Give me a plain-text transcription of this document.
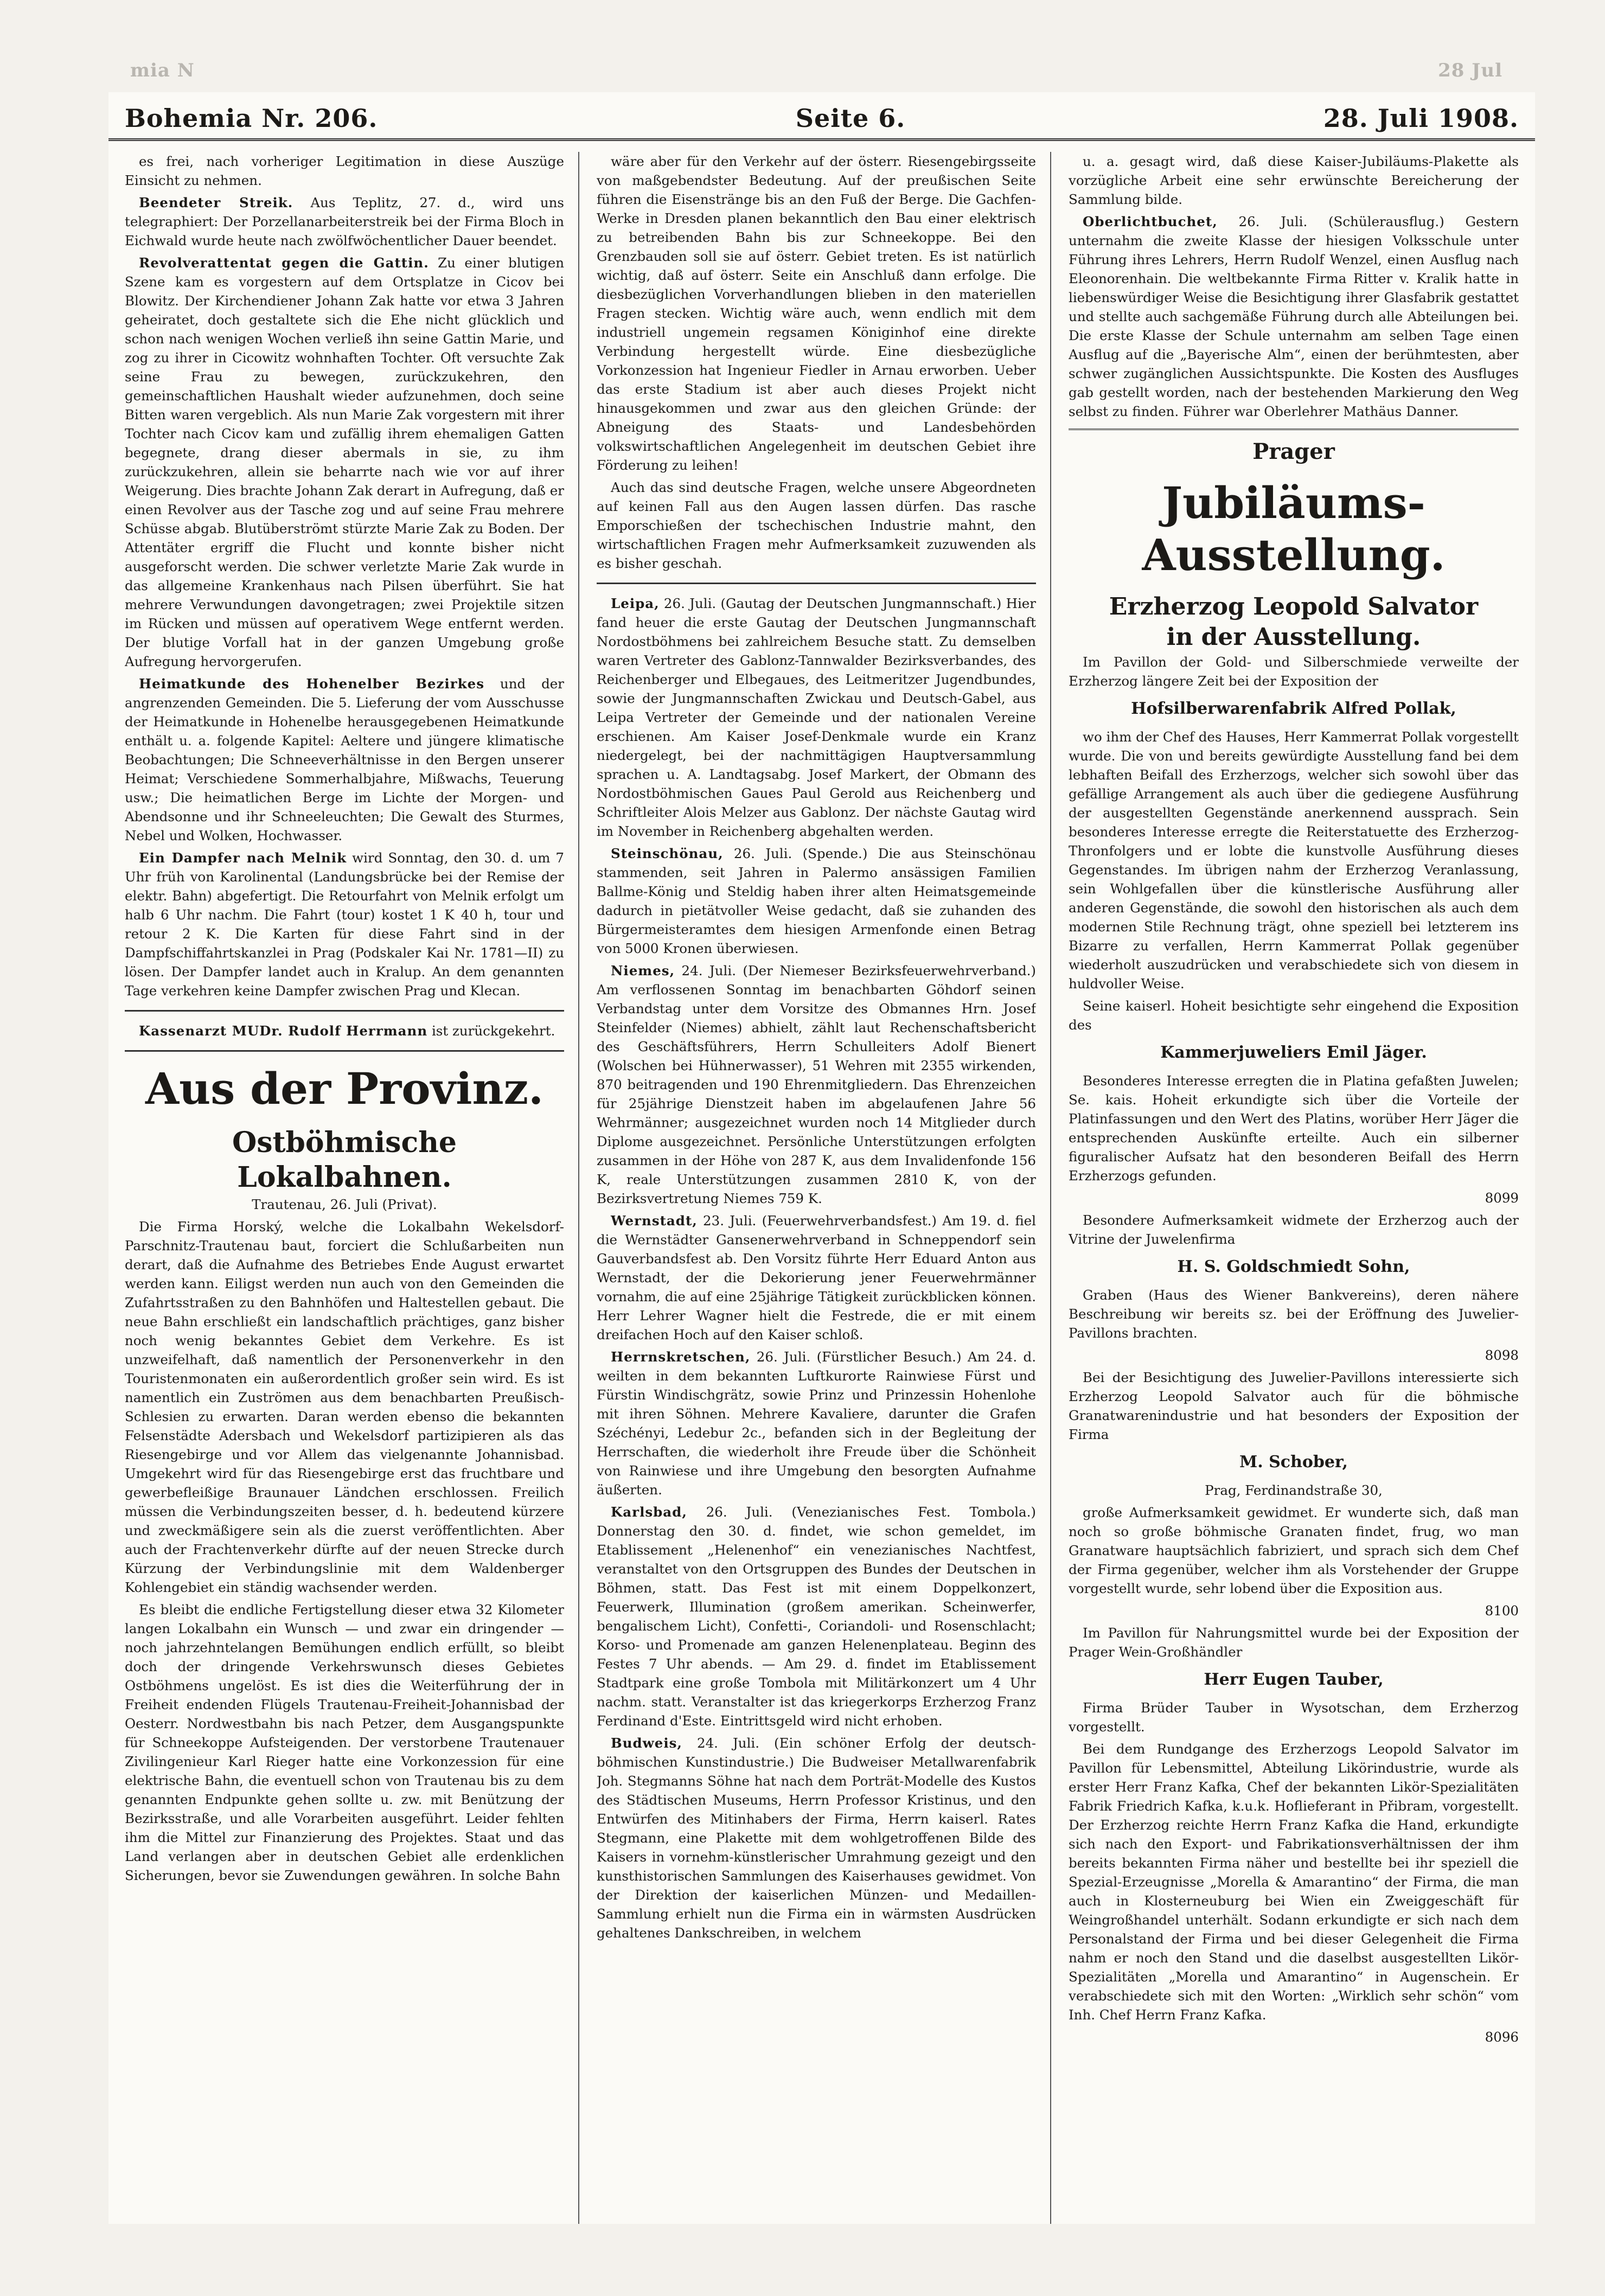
mia N	28 Jul
Bohemia Nr. 206.	Seite 6.	28. Juli 1908.

es frei, nach vorheriger Legitimation in diese Auszüge Einsicht zu nehmen.

Beendeter Streik. Aus Teplitz, 27. d., wird uns telegraphiert: Der Porzellanarbeiterstreik bei der Firma Bloch in Eichwald wurde heute nach zwölfwöchentlicher Dauer beendet.

Revolverattentat gegen die Gattin. Zu einer blutigen Szene kam es vorgestern auf dem Ortsplatze in Cicov bei Blowitz. Der Kirchendiener Johann Zak hatte vor etwa 3 Jahren geheiratet, doch gestaltete sich die Ehe nicht glücklich und schon nach wenigen Wochen verließ ihn seine Gattin Marie, und zog zu ihrer in Cicowitz wohnhaften Tochter. Oft versuchte Zak seine Frau zu bewegen, zurückzukehren, den gemeinschaftlichen Haushalt wieder aufzunehmen, doch seine Bitten waren vergeblich. Als nun Marie Zak vorgestern mit ihrer Tochter nach Cicov kam und zufällig ihrem ehemaligen Gatten begegnete, drang dieser abermals in sie, zu ihm zurückzukehren, allein sie beharrte nach wie vor auf ihrer Weigerung. Dies brachte Johann Zak derart in Aufregung, daß er einen Revolver aus der Tasche zog und auf seine Frau mehrere Schüsse abgab. Blutüberströmt stürzte Marie Zak zu Boden. Der Attentäter ergriff die Flucht und konnte bisher nicht ausgeforscht werden. Die schwer verletzte Marie Zak wurde in das allgemeine Krankenhaus nach Pilsen überführt. Sie hat mehrere Verwundungen davongetragen; zwei Projektile sitzen im Rücken und müssen auf operativem Wege entfernt werden. Der blutige Vorfall hat in der ganzen Umgebung große Aufregung hervorgerufen.

Heimatkunde des Hohenelber Bezirkes und der angrenzenden Gemeinden. Die 5. Lieferung der vom Ausschusse der Heimatkunde in Hohenelbe herausgegebenen Heimatkunde enthält u. a. folgende Kapitel: Aeltere und jüngere klimatische Beobachtungen; Die Schneeverhältnisse in den Bergen unserer Heimat; Verschiedene Sommerhalbjahre, Mißwachs, Teuerung usw.; Die heimatlichen Berge im Lichte der Morgen- und Abendsonne und ihr Schneeleuchten; Die Gewalt des Sturmes, Nebel und Wolken, Hochwasser.

Ein Dampfer nach Melnik wird Sonntag, den 30. d. um 7 Uhr früh von Karolinental (Landungsbrücke bei der Remise der elektr. Bahn) abgefertigt. Die Retourfahrt von Melnik erfolgt um halb 6 Uhr nachm. Die Fahrt (tour) kostet 1 K 40 h, tour und retour 2 K. Die Karten für diese Fahrt sind in der Dampfschiffahrtskanzlei in Prag (Podskaler Kai Nr. 1781—II) zu lösen. Der Dampfer landet auch in Kralup. An dem genannten Tage verkehren keine Dampfer zwischen Prag und Klecan.

Kassenarzt MUDr. Rudolf Herrmann ist zurückgekehrt.

Aus der Provinz.
Ostböhmische Lokalbahnen.

Trautenau, 26. Juli (Privat).

Die Firma Horský, welche die Lokalbahn Wekelsdorf-Parschnitz-Trautenau baut, forciert die Schlußarbeiten nun derart, daß die Aufnahme des Betriebes Ende August erwartet werden kann. Eiligst werden nun auch von den Gemeinden die Zufahrtsstraßen zu den Bahnhöfen und Haltestellen gebaut. Die neue Bahn erschließt ein landschaftlich prächtiges, ganz bisher noch wenig bekanntes Gebiet dem Verkehre. Es ist unzweifelhaft, daß namentlich der Personenverkehr in den Touristenmonaten ein außerordentlich großer sein wird. Es ist namentlich ein Zuströmen aus dem benachbarten Preußisch-Schlesien zu erwarten. Daran werden ebenso die bekannten Felsenstädte Adersbach und Wekelsdorf partizipieren als das Riesengebirge und vor Allem das vielgenannte Johannisbad. Umgekehrt wird für das Riesengebirge erst das fruchtbare und gewerbefleißige Braunauer Ländchen erschlossen. Freilich müssen die Verbindungszeiten besser, d. h. bedeutend kürzere und zweckmäßigere sein als die zuerst veröffentlichten. Aber auch der Frachtenverkehr dürfte auf der neuen Strecke durch Kürzung der Verbindungslinie mit dem Waldenberger Kohlengebiet ein ständig wachsender werden.

Es bleibt die endliche Fertigstellung dieser etwa 32 Kilometer langen Lokalbahn ein Wunsch — und zwar ein dringender — noch jahrzehntelangen Bemühungen endlich erfüllt, so bleibt doch der dringende Verkehrswunsch dieses Gebietes Ostböhmens ungelöst. Es ist dies die Weiterführung der in Freiheit endenden Flügels Trautenau-Freiheit-Johannisbad der Oesterr. Nordwestbahn bis nach Petzer, dem Ausgangspunkte für Schneekoppe Aufsteigenden. Der verstorbene Trautenauer Zivilingenieur Karl Rieger hatte eine Vorkonzession für eine elektrische Bahn, die eventuell schon von Trautenau bis zu dem genannten Endpunkte gehen sollte u. zw. mit Benützung der Bezirksstraße, und alle Vorarbeiten ausgeführt. Leider fehlten ihm die Mittel zur Finanzierung des Projektes. Staat und das Land verlangen aber in deutschen Gebiet alle erdenklichen Sicherungen, bevor sie Zuwendungen gewähren. In solche Bahn

wäre aber für den Verkehr auf der österr. Riesengebirgsseite von maßgebendster Bedeutung. Auf der preußischen Seite führen die Eisenstränge bis an den Fuß der Berge. Die Gachfen-Werke in Dresden planen bekanntlich den Bau einer elektrisch zu betreibenden Bahn bis zur Schneekoppe. Bei den Grenzbauden soll sie auf österr. Gebiet treten. Es ist natürlich wichtig, daß auf österr. Seite ein Anschluß dann erfolge. Die diesbezüglichen Vorverhandlungen blieben in den materiellen Fragen stecken. Wichtig wäre auch, wenn endlich mit dem industriell ungemein regsamen Königinhof eine direkte Verbindung hergestellt würde. Eine diesbezügliche Vorkonzession hat Ingenieur Fiedler in Arnau erworben. Ueber das erste Stadium ist aber auch dieses Projekt nicht hinausgekommen und zwar aus den gleichen Gründe: der Abneigung des Staats- und Landesbehörden volkswirtschaftlichen Angelegenheit im deutschen Gebiet ihre Förderung zu leihen!

Auch das sind deutsche Fragen, welche unsere Abgeordneten auf keinen Fall aus den Augen lassen dürfen. Das rasche Emporschießen der tschechischen Industrie mahnt, den wirtschaftlichen Fragen mehr Aufmerksamkeit zuzuwenden als es bisher geschah.

Leipa, 26. Juli. (Gautag der Deutschen Jungmannschaft.) Hier fand heuer die erste Gautag der Deutschen Jungmannschaft Nordostböhmens bei zahlreichem Besuche statt. Zu demselben waren Vertreter des Gablonz-Tannwalder Bezirksverbandes, des Reichenberger und Elbegaues, des Leitmeritzer Jugendbundes, sowie der Jungmannschaften Zwickau und Deutsch-Gabel, aus Leipa Vertreter der Gemeinde und der nationalen Vereine erschienen. Am Kaiser Josef-Denkmale wurde ein Kranz niedergelegt, bei der nachmittägigen Hauptversammlung sprachen u. A. Landtagsabg. Josef Markert, der Obmann des Nordostböhmischen Gaues Paul Gerold aus Reichenberg und Schriftleiter Alois Melzer aus Gablonz. Der nächste Gautag wird im November in Reichenberg abgehalten werden.

Steinschönau, 26. Juli. (Spende.) Die aus Steinschönau stammenden, seit Jahren in Palermo ansässigen Familien Ballme-König und Steldig haben ihrer alten Heimatsgemeinde dadurch in pietätvoller Weise gedacht, daß sie zuhanden des Bürgermeisteramtes dem hiesigen Armenfonde einen Betrag von 5000 Kronen überwiesen.

Niemes, 24. Juli. (Der Niemeser Bezirksfeuerwehrverband.) Am verflossenen Sonntag im benachbarten Göhdorf seinen Verbandstag unter dem Vorsitze des Obmannes Hrn. Josef Steinfelder (Niemes) abhielt, zählt laut Rechenschaftsbericht des Geschäftsführers, Herrn Schulleiters Adolf Bienert (Wolschen bei Hühnerwasser), 51 Wehren mit 2355 wirkenden, 870 beitragenden und 190 Ehrenmitgliedern. Das Ehrenzeichen für 25jährige Dienstzeit haben im abgelaufenen Jahre 56 Wehrmänner; ausgezeichnet wurden noch 14 Mitglieder durch Diplome ausgezeichnet. Persönliche Unterstützungen erfolgten zusammen in der Höhe von 287 K, aus dem Invalidenfonde 156 K, reale Unterstützungen zusammen 2810 K, von der Bezirksvertretung Niemes 759 K.

Wernstadt, 23. Juli. (Feuerwehrverbandsfest.) Am 19. d. fiel die Wernstädter Gansenerwehrverband in Schneppendorf sein Gauverbandsfest ab. Den Vorsitz führte Herr Eduard Anton aus Wernstadt, der die Dekorierung jener Feuerwehrmänner vornahm, die auf eine 25jährige Tätigkeit zurückblicken können. Herr Lehrer Wagner hielt die Festrede, die er mit einem dreifachen Hoch auf den Kaiser schloß.

Herrnskretschen, 26. Juli. (Fürstlicher Besuch.) Am 24. d. weilten in dem bekannten Luftkurorte Rainwiese Fürst und Fürstin Windischgrätz, sowie Prinz und Prinzessin Hohenlohe mit ihren Söhnen. Mehrere Kavaliere, darunter die Grafen Széchényi, Ledebur 2c., befanden sich in der Begleitung der Herrschaften, die wiederholt ihre Freude über die Schönheit von Rainwiese und ihre Umgebung den besorgten Aufnahme äußerten.

Karlsbad, 26. Juli. (Venezianisches Fest. Tombola.) Donnerstag den 30. d. findet, wie schon gemeldet, im Etablissement „Helenenhof“ ein venezianisches Nachtfest, veranstaltet von den Ortsgruppen des Bundes der Deutschen in Böhmen, statt. Das Fest ist mit einem Doppelkonzert, Feuerwerk, Illumination (großem amerikan. Scheinwerfer, bengalischem Licht), Confetti-, Coriandoli- und Rosenschlacht; Korso- und Promenade am ganzen Helenenplateau. Beginn des Festes 7 Uhr abends. — Am 29. d. findet im Etablissement Stadtpark eine große Tombola mit Militärkonzert um 4 Uhr nachm. statt. Veranstalter ist das kriegerkorps Erzherzog Franz Ferdinand d'Este. Eintrittsgeld wird nicht erhoben.

Budweis, 24. Juli. (Ein schöner Erfolg der deutsch-böhmischen Kunstindustrie.) Die Budweiser Metallwarenfabrik Joh. Stegmanns Söhne hat nach dem Porträt-Modelle des Kustos des Städtischen Museums, Herrn Professor Kristinus, und den Entwürfen des Mitinhabers der Firma, Herrn kaiserl. Rates Stegmann, eine Plakette mit dem wohlgetroffenen Bilde des Kaisers in vornehm-künstlerischer Umrahmung gezeigt und den kunsthistorischen Sammlungen des Kaiserhauses gewidmet. Von der Direktion der kaiserlichen Münzen- und Medaillen-Sammlung erhielt nun die Firma ein in wärmsten Ausdrücken gehaltenes Dankschreiben, in welchem

u. a. gesagt wird, daß diese Kaiser-Jubiläums-Plakette als vorzügliche Arbeit eine sehr erwünschte Bereicherung der Sammlung bilde.

Oberlichtbuchet, 26. Juli. (Schülerausflug.) Gestern unternahm die zweite Klasse der hiesigen Volksschule unter Führung ihres Lehrers, Herrn Rudolf Wenzel, einen Ausflug nach Eleonorenhain. Die weltbekannte Firma Ritter v. Kralik hatte in liebenswürdiger Weise die Besichtigung ihrer Glasfabrik gestattet und stellte auch sachgemäße Führung durch alle Abteilungen bei. Die erste Klasse der Schule unternahm am selben Tage einen Ausflug auf die „Bayerische Alm“, einen der berühmtesten, aber schwer zugänglichen Aussichtspunkte. Die Kosten des Ausfluges gab gestellt worden, nach der bestehenden Markierung den Weg selbst zu finden. Führer war Oberlehrer Mathäus Danner.

Prager
Jubiläums-Ausstellung.
Erzherzog Leopold Salvator
in der Ausstellung.

Im Pavillon der Gold- und Silberschmiede verweilte der Erzherzog längere Zeit bei der Exposition der

Hofsilberwarenfabrik Alfred Pollak,

wo ihm der Chef des Hauses, Herr Kammerrat Pollak vorgestellt wurde. Die von und bereits gewürdigte Ausstellung fand bei dem lebhaften Beifall des Erzherzogs, welcher sich sowohl über das gefällige Arrangement als auch über die gediegene Ausführung der ausgestellten Gegenstände anerkennend aussprach. Sein besonderes Interesse erregte die Reiterstatuette des Erzherzog-Thronfolgers und er lobte die kunstvolle Ausführung dieses Gegenstandes. Im übrigen nahm der Erzherzog Veranlassung, sein Wohlgefallen über die künstlerische Ausführung aller anderen Gegenstände, die sowohl den historischen als auch dem modernen Stile Rechnung trägt, ohne speziell bei letzterem ins Bizarre zu verfallen, Herrn Kammerrat Pollak gegenüber wiederholt auszudrücken und verabschiedete sich von diesem in huldvoller Weise.

Seine kaiserl. Hoheit besichtigte sehr eingehend die Exposition des

Kammerjuweliers Emil Jäger.

Besonderes Interesse erregten die in Platina gefaßten Juwelen; Se. kais. Hoheit erkundigte sich über die Vorteile der Platinfassungen und den Wert des Platins, worüber Herr Jäger die entsprechenden Auskünfte erteilte. Auch ein silberner figuralischer Aufsatz hat den besonderen Beifall des Herrn Erzherzogs gefunden.

8099

Besondere Aufmerksamkeit widmete der Erzherzog auch der Vitrine der Juwelenfirma

H. S. Goldschmiedt Sohn,

Graben (Haus des Wiener Bankvereins), deren nähere Beschreibung wir bereits sz. bei der Eröffnung des Juwelier-Pavillons brachten.

8098

Bei der Besichtigung des Juwelier-Pavillons interessierte sich Erzherzog Leopold Salvator auch für die böhmische Granatwarenindustrie und hat besonders der Exposition der Firma

M. Schober,

Prag, Ferdinandstraße 30,

große Aufmerksamkeit gewidmet. Er wunderte sich, daß man noch so große böhmische Granaten findet, frug, wo man Granatware hauptsächlich fabriziert, und sprach sich dem Chef der Firma gegenüber, welcher ihm als Vorstehender der Gruppe vorgestellt wurde, sehr lobend über die Exposition aus.

8100

Im Pavillon für Nahrungsmittel wurde bei der Exposition der Prager Wein-Großhändler

Herr Eugen Tauber,

Firma Brüder Tauber in Wysotschan, dem Erzherzog vorgestellt.

Bei dem Rundgange des Erzherzogs Leopold Salvator im Pavillon für Lebensmittel, Abteilung Likörindustrie, wurde als erster Herr Franz Kafka, Chef der bekannten Likör-Spezialitäten Fabrik Friedrich Kafka, k.u.k. Hoflieferant in Přibram, vorgestellt. Der Erzherzog reichte Herrn Franz Kafka die Hand, erkundigte sich nach den Export- und Fabrikationsverhältnissen der ihm bereits bekannten Firma näher und bestellte bei ihr speziell die Spezial-Erzeugnisse „Morella & Amarantino“ der Firma, die man auch in Klosterneuburg bei Wien ein Zweiggeschäft für Weingroßhandel unterhält. Sodann erkundigte er sich nach dem Personalstand der Firma und bei dieser Gelegenheit die Firma nahm er noch den Stand und die daselbst ausgestellten Likör-Spezialitäten „Morella und Amarantino“ in Augenschein. Er verabschiedete sich mit den Worten: „Wirklich sehr schön“ vom Inh. Chef Herrn Franz Kafka.

8096
